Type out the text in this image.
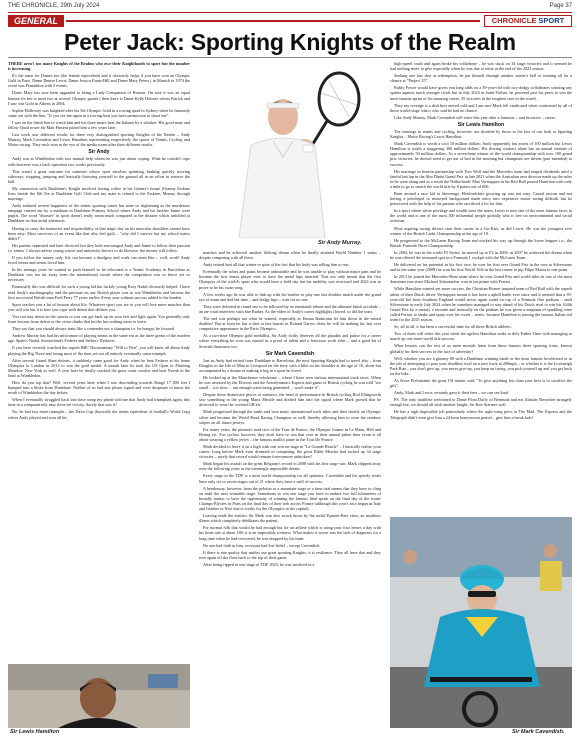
THE CHRONICLE, 29th July 2024	Page 37
GENERAL	CHRONICLE SPORT
Peter Jack: Sporting Knights of the Realm

THERE aren't too many Knights of the Realms who owe their Knighthoods to sport but the number is increasing.

It's the same for Dames too (the female equivalent) and it obviously helps if you have won an Olympic Gold in Paris. Dame Denise Lewis, Dame Jessica Ennis-Hill and Dame Mary Peters ( in Munich in 1974 the event was Pentathlon with 5 events.

Dame Mary has now been upgraded to being a Lady Companion of Honour. I'm sure it was an equal honour for her to meet two at several Olympic games ( then there is Dame Kelly Holmes whom Patrick and I saw win Gold in Athens in 2004.

Sophie Holloway was knighted after his 5th Olympic Gold in a rowing quad in Sydney when he famously came out with the line, "If you see me again in a rowing boat you have permission to shoot me".

I was on the finish line to watch him and his three mates beat the Italians by a whisker. His good mate and fellow Quad rower Sir Matt Pinsent joined him a few years later.

Last week saw different results for three very distinguished sporting Knights of the Realm – Andy Murray, Mark Cavendish and Lewis Hamilton representing respectively the sports of Tennis, Cycling and Motor racing. They each won in the eye of the media storm after their different results.

Sir Andy

Andy was at Wimbledon with two mutual help whom he was just about coping. What he couldn't cope with however was a back operation two weeks previously.

This wasn't a great outcome for someone whose sport involves sprinting, braking quickly, moving sideways, stopping, jumping and basically throwing yourself to the ground all in an effort to retrieve the ball.

My connection with Dunblane's Knight involved having coffee in his Granny's house (Granny Erskine lives beside the 8th Tee at Dunblane Golf Club and my mate is related to the Erskine, Murray through marriage.

Andy endured several happiness of the tennis sporting career but none so frightening as the murderous rampage carried out by a madman in Dunblane Primary School where Andy and his brother Jamie were pupils. The word "disaster" in sport doesn't really mean much compared to the disaster which unfolded at Dunblane on that awful afternoon.

Having to carry the memories and responsibility of that tragic day on his muscular shoulders cannot have been easy. Most survivors of an event like that also feel guilt – "why did I survive but my school mates didn't?".

His parents separated and later divorced but they both encouraged Andy and Jamie to follow their passion i.e. tennis. I always advise young school and university leavers to do likewise, the money will follow.

If you follow the money only, life can become a drudgery and work can seem like… well, work! Andy loved tennis and tennis loved him.

In his teenage years he wanted to push himself so he relocated to a Tennis Academy in Barcelona as Dunblane was too far away from the international circuit where the competition was so fierce yet so necessary.

Financially this was difficult for such a young lad but luckily young Rory Nadal obviously helped. I have read Andy's autobiography and the pressure on any British player was to win Wimbledon and become the first successful British man Fred Perry 77 years earlier. Every year without success added to the burden.

Sport teaches you a lot of lessons about life. Whatever sport you are in you will lose more matches than you will win but it is how you cope with defeat that defines you.

You can stay down on the canvas or you can get back up on your feet and fight again. You generally only learn lessons from defeat as the victor thinks that he/she has nothing more to learn.

They say that you should always train like a contender not a champion i.e. be hungry, be focused.

Andrew Murray has had his misfortune of playing tennis in the same era as the three greats of the modern age, Spain's Nadal, Switzerland's Federer and Serbia's Djokovic.

If you have recently watched the superb BBC Documentary "Will to Win", you will know all about Andy playing the Big Three and losing most of the time yet not all entirely eventually came triumph.

After several Grand Slam defeats, it suddenly came good for Andy when he beat Federer at his home Olympics in London in 2012 to win the gold medal. A month later he took the US Open in Flushing Meadow, New York as well. A year later he finally cracked the grass court voodoo and beat Novak in the final at Wimbledon.

How do you top that? Well, several years later when I was descending towards Rangé 17 000 feet I bumped into a bloke from Dunblane. Neither of us had any phone signal and were desperate to know the result of Wimbledon the day before.

When I eventually struggled back into base camp my phone told me that Andy had triumphed again, this time in a comparatively easy three set victory. Surely that was it?

No, he had two more triumphs – the Davis Cup (basically the tennis equivalent of football's World Cup) where Andy played and won all his

Sir Andy Murray.

matches and he achieved another lifelong dream when he finally attained World Number 1 status – despite competing with all three.

Andy retired hurt all that winter in spite of the fact that his body was telling him to rest.

Eventually the aches and pains became unbearable and he was unable to play without major pain and he became the first tennis player ever to have the metal hips inserted. That not only meant that the first Olympics of the world's sport who would have a field day but his mobility was restricted and 2024 was to prove to be his swan song.

A few weeks ago he was able to link up with his brother to play one last doubles match under the grand eye of mum and dad but time – and dodgy hips – wait for no one.

They were defeated in round one to be followed by an emotional tribute and the ultimate finish accolade – an on-court interview with Sue Barker. As the video of Andy's career highlights flowed, so did the tears.

The end was perhaps not what he wanted, especially as Emma Raducanu let him down in the mixed doubles! But at least he has a shot at last hurrah in Roland Garros when he will be making his last ever competitive appearance in the Paris Olympics.

As a two-time Olympic gold medallist, Sir Andy richly deserves all the plaudits and praise for a career where everything he won was earned as a proof of talent and a ferocious work ethic – and a good bit of Scottish thrawness too.

Sir Mark Cavendish

Just as Andy had retired from Dunblane to Barcelona, the next Sporting Knight had to travel also – from Douglas in the Isle of Man to Liverpool on the ferry with a bike on his shoulder at the age of 16, alone but accompanied by a dream of making it big in a sport he loved.

He looked up at the Manchester velodrome – where I have seen various international track races. When he was assessed by the Doctors and the Aerodynamics Experts and gurus of British cycling he was told "too small… too slow… not enough watts being generated… won't make it".

Despite those dismissive pieces of statistics, the head of performance in British cycling Rod Ellingworth saw something in the young Manx Missile and drafted him into the squad where Mark proved that he deserved to wear the coveted GB kit.

Mark progressed through the ranks and won many international track titles and then shortly an Olympic silver and became the World Road Racing Champion as well, thereby allowing him to wear the rainbow stripes on all future jerseys.

For many years, the pinnacle road race of the Tour de France, the Olympic Games in Le Mans, Hell and Bering etc. For cyclists however, they don't have to win that year as their annual prime time event is all about wearing a yellow jersey – the famous maillot jaune in the Tour De France.

Mark decided to leave it on a high with one win on stage in "La Grande Boucle" – I basically realise your career. Long before Mark even dreamed of competing, the great Eddie Merckx had racked up 34 stage victories – surely that record would remain forevermore unbroken?

Mark began his assault on the great Belgium's record in 2008 with his first stage win. Mark chipped away over the following years as the seemingly impossible dream.

Every stage in the TDF is a mini world championship for all sprinters. Cavendish and his speedy rivals have only six or seven stages out of 21 where they have a sniff of success.

A breakaway, however, from the peloton or a mountain stage or a time trial means that they have to cling on until the next winnable stage. Sometimes to win one stage you have to endure two full kilometres of brutally tarmac to have the opportunity of winning the famous final sprint on the final day of the iconic Champs-Élysées in Paris on the final day of their trek across France (although this year's race began in Italy and finishes in Nice due to works for the Olympics in the capital).

Leaving aside the statistic Sir Mark was also struck down by the awful Epstein-Barr virus, an insidious illness which completely debilitates the patient.

For normal folk that would be bad enough but for an athlete which is using your four lenses a day with his heart rate at about 180, it is an impossible scenario. What makes it worse was the lack of diagnosis for a long time when he had recovered, he was dropped by his team.

No one had faith in him, everyone had lost belief – except Cavendish.

If there is one quality that unifies our great sporting Knights, it is resilience. They all have that and they rose again off the floor back to the top of their game.

After being ripped in one stage of TDF 2023, he was involved in a

high-speed crash and again broke his collarbone – he was stuck on 34 stage victories and it seemed he had nothing more to give especially when he was due to retire at the end of the 2023 season.

Seeking one last shot at redemption, he put himself through another winter's hell of training all for a chance at "Project 35".

Paddy Power would have given you long odds on a 39-year-old with two dodgy collarbones winning any sprints against much younger rivals but in July 2024 in Saint-Vulbas, he powered past his peers to win the most famous sprint of his amazing career. 35 victories in the toughest race in the world.

They say revenge is a dish best served cold and I am sure Mark felt vindicated when confronted by all of those world-stage critics who said he had no chance.

Like Andy Murray, Mark Cavendish will retire this year after a fantastic – and lucrative – career.

Sir Lewis Hamilton

The earnings in tennis and cycling, however, are dwarfed by those in the last of our look at Sporting Knights – Motor Racing's Lewis Hamilton.

Mark Cavendish is worth a cool 10 million dollars; Andy apparently has assets of 100 million but Lewis Hamilton is worth a staggering 300 million dollars. His driving contract alone has an annual retainer of approximately 50 million dollars. As a seven-time winner of the world championship with over 100 grand prix victories, he doesn't need to get out of bed in the morning but champions are driven (pun intended) to success.

His marriage in heaven partnership with Toto Wolf and the Mercedes team had reaped dividends until a fateful last lap in the Abu Dhabi Grand Prix in late 2021 when the Australian race director made up the rules as he went along and as a result the Netherlands' Max Verstappen in his Red Bull passed Hamilton with only a mile to go to snatch the world title by 8 points out of 600.

Born around a race kid in Stevenage, Hertfordshire growing up was not easy. Casual racism and not having a privileged or moneyed background made entry into expensive motor racing difficult but he persevered with the help of his parents who sacrificed a lot for him.

In a sport where white privilege and wealth were the norm, Lewis is now one of the most famous faces in the world and is one of the most 100 influential people globally who is free on environmental and social activism.

Most aspiring racing drivers start their career in a Go-Kart, as did Lewis. He was the youngest ever winner of the British Cadet Championship at the age of 10.

He progressed to the McLaren Racing Team and worked his way up through the lower leagues i.e., the British Formula Three Championship.

In 2004, he was in the world F3 Series, he moved up to F2 in 2006; in 2007 he achieved the dream when he was offered the treasured spot in a Formula 1 cockpit with the McLaren Team.

He delivered on his potential in his first race, he won his first ever Grand Prix in the race at Silverstone and in the same year (2008) he won his first World Title in the last corner to pip Filipe Massa to one point.

In 2013 he joined the Mercedes-Benz team where he won Grand Prix and world titles in one of the most dominant eras since Michael Schumacher won in his prime with Ferrari.

While Hamilton wanted yet more success, the Christian Horner inspired team of Red Bull with the superb talent of their Dutch driver Verstappen meant it has been a uphill battle ever since and it seemed that a 39-year-old lad from Southern England would never again stand on top of a Formula One podium – until Silverstone in early July 2024 when he somehow managed to stay ahead of his Dutch rival to win his 104th Grand Prix by a measly 2 seconds and ironically on the podium he was given a magnum of sparkling wine called Ferrari to shake and spray over his rivals – ironic, because Hamilton is joining the famous Italian red team for the 2025 season.

So, all in all, it has been a successful time for all three British athletes.

Two of them will retire this year while the ageless Hamilton seeks to defy Father Time with managing to match up one more world title success.

What lessons can the rest of us mere mortals learn from these famous three sporting icons, known globally for their success in the face of adversity?

Well, whether you are a gloomy 80 with a Dunblane winning battle or the most famous bowlerized or in the job of attempting to pass your deadliest rival on a race track at 200mph – or whether it is the Lowmeigh Park Run – you don't give up, you never give up, you keep on trying, you pick yourself up and you get back on the bike.

As Steve Prefontaine the great US runner said, "To give anything less than your best is to sacrifice the gift".

Andy, Mark and Lewis certainly gave it their best – we can see loud.

PS. The only triathlete welcomed to Dame Flora Duffy of Bermuda and not Alastair Brownlee strangely enough but, we should all wish another knight, Sir Keir Starmer well.

He has a nigh impossible job particularly where the right-wing press in The Mail, The Express and the Telegraph didn't even give him a 24-hour honeymoon period – give him a break lads!

Sir Lewis Hamilton	Sir Mark Cavendish.
